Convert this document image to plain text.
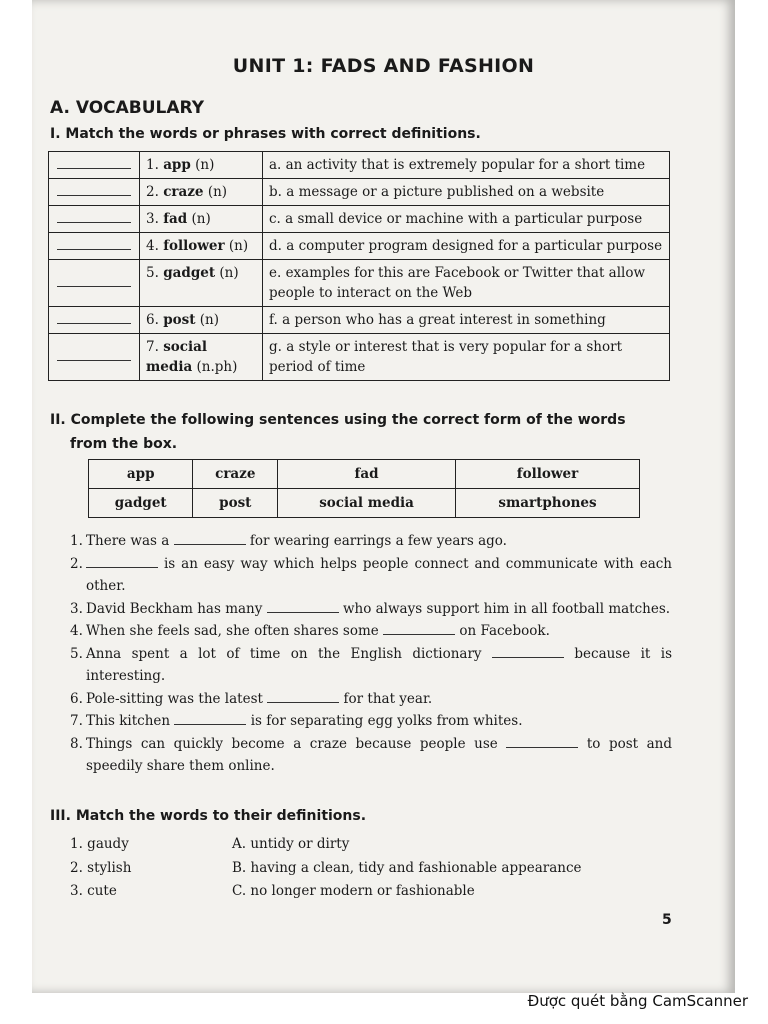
UNIT 1: FADS AND FASHION
A. VOCABULARY
I. Match the words or phrases with correct definitions.
	1. app (n)	a. an activity that is extremely popular for a short time
	2. craze (n)	b. a message or a picture published on a website
	3. fad (n)	c. a small device or machine with a particular purpose
	4. follower (n)	d. a computer program designed for a particular purpose
	5. gadget (n)	e. examples for this are Facebook or Twitter that allow people to interact on the Web
	6. post (n)	f. a person who has a great interest in something
	7. social media (n.ph)	g. a style or interest that is very popular for a short period of time
II. Complete the following sentences using the correct form of the words
from the box.
app	craze	fad	follower
gadget	post	social media	smartphones
1. There was a	for wearing earrings a few years ago.
2.	is an easy way which helps people connect and communicate with each other.
3. David Beckham has many	who always support him in all football matches.
4. When she feels sad, she often shares some	on Facebook.
5. Anna spent a lot of time on the English dictionary	because it is interesting.
6. Pole-sitting was the latest	for that year.
7. This kitchen	is for separating egg yolks from whites.
8. Things can quickly become a craze because people use	to post and speedily share them online.
III. Match the words to their definitions.
1. gaudy	A. untidy or dirty
2. stylish	B. having a clean, tidy and fashionable appearance
3. cute	C. no longer modern or fashionable
5
Được quét bằng CamScanner
